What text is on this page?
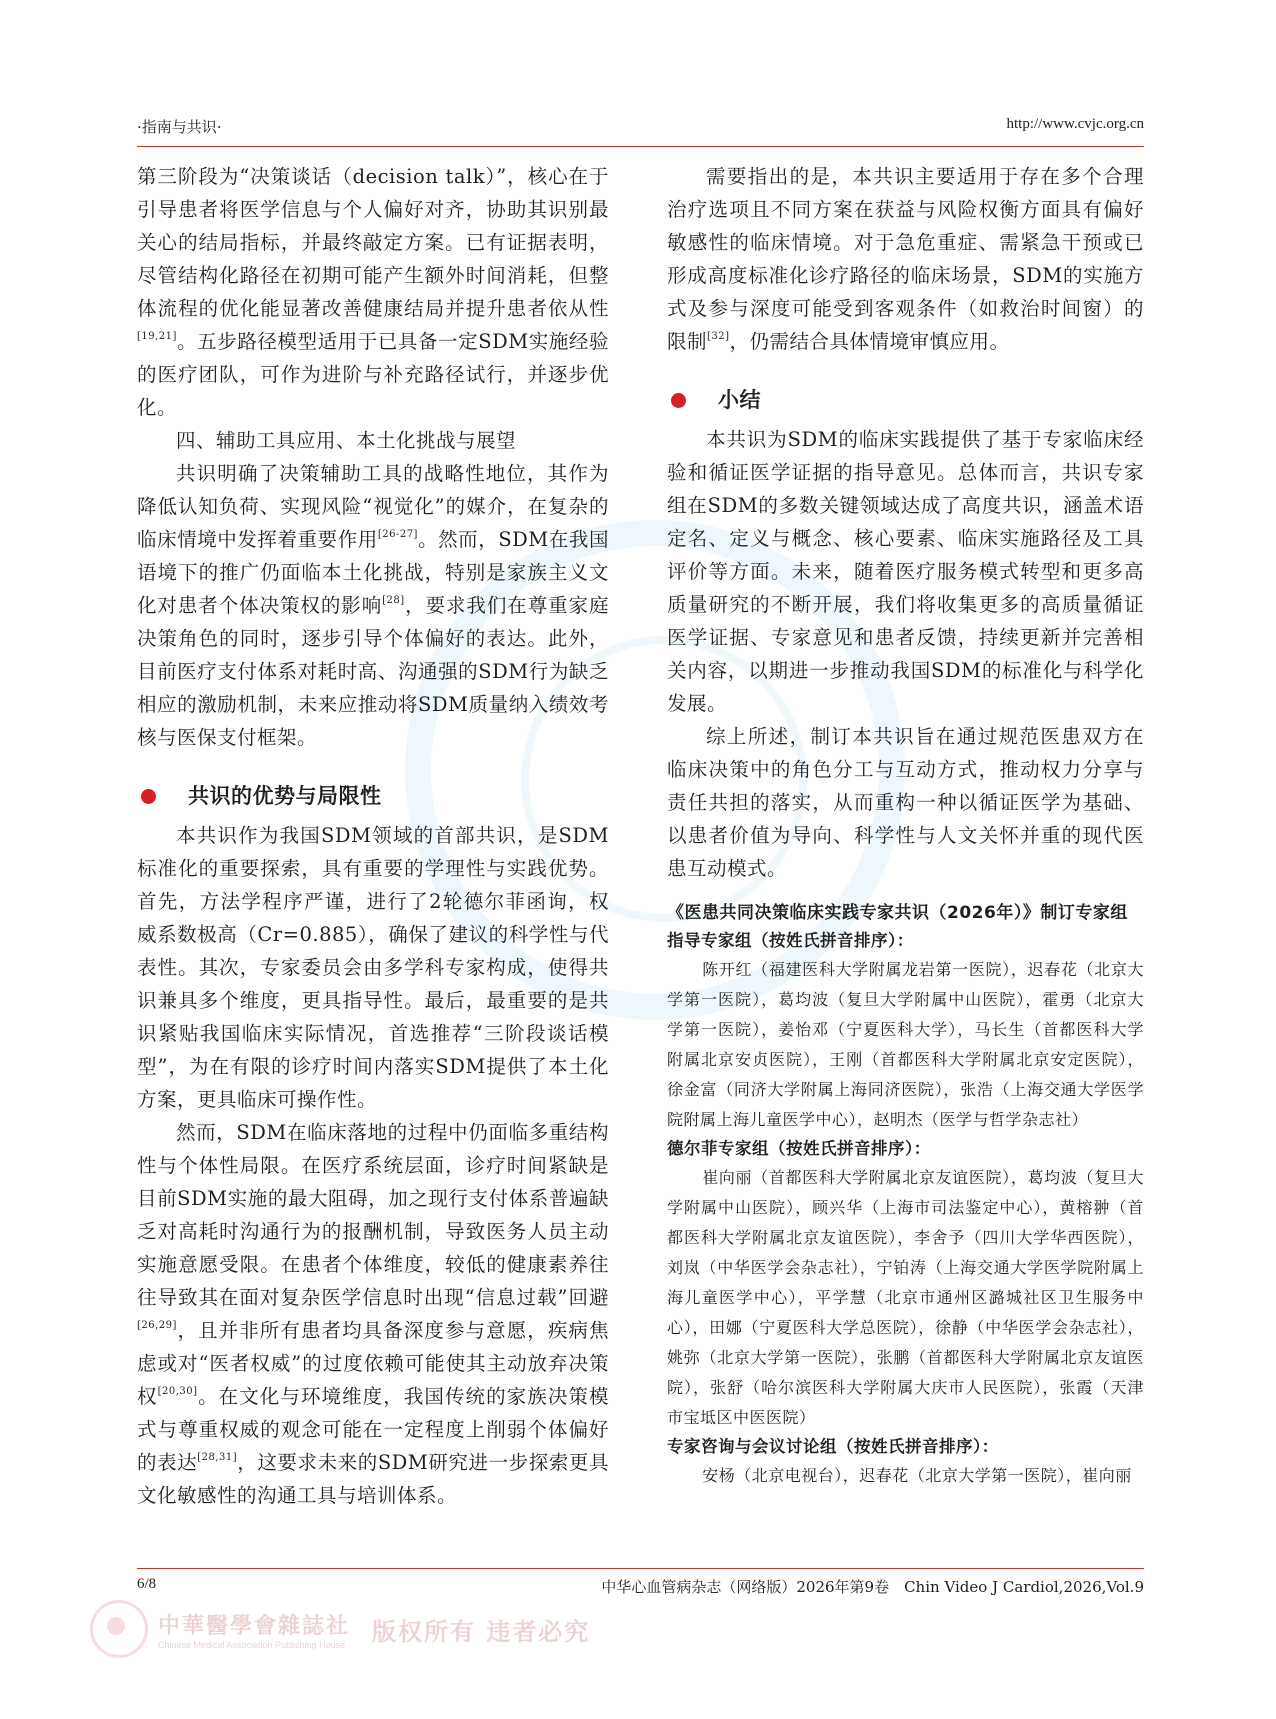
·指南与共识·	http://www.cvjc.org.cn

第三阶段为“决策谈话（decision talk）”，核心在于引导患者将医学信息与个人偏好对齐，协助其识别最关心的结局指标，并最终敲定方案。已有证据表明，尽管结构化路径在初期可能产生额外时间消耗，但整体流程的优化能显著改善健康结局并提升患者依从性[19,21]。五步路径模型适用于已具备一定SDM实施经验的医疗团队，可作为进阶与补充路径试行，并逐步优化。

四、辅助工具应用、本土化挑战与展望

共识明确了决策辅助工具的战略性地位，其作为降低认知负荷、实现风险“视觉化”的媒介，在复杂的临床情境中发挥着重要作用[26-27]。然而，SDM在我国语境下的推广仍面临本土化挑战，特别是家族主义文化对患者个体决策权的影响[28]，要求我们在尊重家庭决策角色的同时，逐步引导个体偏好的表达。此外，目前医疗支付体系对耗时高、沟通强的SDM行为缺乏相应的激励机制，未来应推动将SDM质量纳入绩效考核与医保支付框架。

共识的优势与局限性

本共识作为我国SDM领域的首部共识，是SDM标准化的重要探索，具有重要的学理性与实践优势。首先，方法学程序严谨，进行了2轮德尔菲函询，权威系数极高（Cr=0.885），确保了建议的科学性与代表性。其次，专家委员会由多学科专家构成，使得共识兼具多个维度，更具指导性。最后，最重要的是共识紧贴我国临床实际情况，首选推荐“三阶段谈话模型”，为在有限的诊疗时间内落实SDM提供了本土化方案，更具临床可操作性。

然而，SDM在临床落地的过程中仍面临多重结构性与个体性局限。在医疗系统层面，诊疗时间紧缺是目前SDM实施的最大阻碍，加之现行支付体系普遍缺乏对高耗时沟通行为的报酬机制，导致医务人员主动实施意愿受限。在患者个体维度，较低的健康素养往往导致其在面对复杂医学信息时出现“信息过载”回避[26,29]，且并非所有患者均具备深度参与意愿，疾病焦虑或对“医者权威”的过度依赖可能使其主动放弃决策权[20,30]。在文化与环境维度，我国传统的家族决策模式与尊重权威的观念可能在一定程度上削弱个体偏好的表达[28,31]，这要求未来的SDM研究进一步探索更具文化敏感性的沟通工具与培训体系。

需要指出的是，本共识主要适用于存在多个合理治疗选项且不同方案在获益与风险权衡方面具有偏好敏感性的临床情境。对于急危重症、需紧急干预或已形成高度标准化诊疗路径的临床场景，SDM的实施方式及参与深度可能受到客观条件（如救治时间窗）的限制[32]，仍需结合具体情境审慎应用。

小结

本共识为SDM的临床实践提供了基于专家临床经验和循证医学证据的指导意见。总体而言，共识专家组在SDM的多数关键领域达成了高度共识，涵盖术语定名、定义与概念、核心要素、临床实施路径及工具评价等方面。未来，随着医疗服务模式转型和更多高质量研究的不断开展，我们将收集更多的高质量循证医学证据、专家意见和患者反馈，持续更新并完善相关内容，以期进一步推动我国SDM的标准化与科学化发展。

综上所述，制订本共识旨在通过规范医患双方在临床决策中的角色分工与互动方式，推动权力分享与责任共担的落实，从而重构一种以循证医学为基础、以患者价值为导向、科学性与人文关怀并重的现代医患互动模式。

《医患共同决策临床实践专家共识（2026年）》制订专家组
指导专家组（按姓氏拼音排序）：
陈开红（福建医科大学附属龙岩第一医院），迟春花（北京大学第一医院），葛均波（复旦大学附属中山医院），霍勇（北京大学第一医院），姜怡邓（宁夏医科大学），马长生（首都医科大学附属北京安贞医院），王刚（首都医科大学附属北京安定医院），徐金富（同济大学附属上海同济医院），张浩（上海交通大学医学院附属上海儿童医学中心），赵明杰（医学与哲学杂志社）
德尔菲专家组（按姓氏拼音排序）：
崔向丽（首都医科大学附属北京友谊医院），葛均波（复旦大学附属中山医院），顾兴华（上海市司法鉴定中心），黄榕翀（首都医科大学附属北京友谊医院），李舍予（四川大学华西医院），刘岚（中华医学会杂志社），宁铂涛（上海交通大学医学院附属上海儿童医学中心），平学慧（北京市通州区潞城社区卫生服务中心），田娜（宁夏医科大学总医院），徐静（中华医学会杂志社），姚弥（北京大学第一医院），张鹏（首都医科大学附属北京友谊医院），张舒（哈尔滨医科大学附属大庆市人民医院），张霞（天津市宝坻区中医医院）
专家咨询与会议讨论组（按姓氏拼音排序）：
安杨（北京电视台），迟春花（北京大学第一医院），崔向丽
6/8	中华心血管病杂志（网络版）2026年第9卷　Chin Video J Cardiol,2026,Vol.9
中華醫學會雜誌社
Chinese Medical Association Publishing House 版权所有 违者必究
